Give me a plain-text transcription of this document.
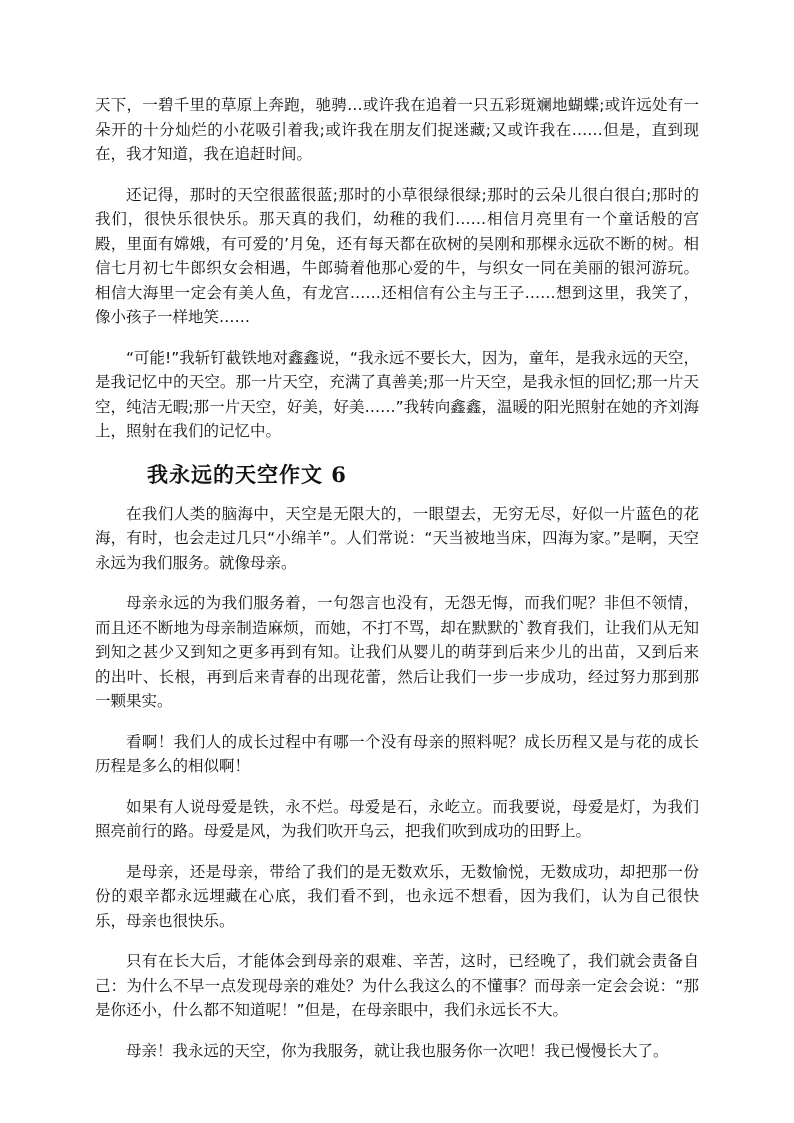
天下，一碧千里的草原上奔跑，驰骋…或许我在追着一只五彩斑斓地蝴蝶;或许远处有一朵开的十分灿烂的小花吸引着我;或许我在朋友们捉迷藏;又或许我在……但是，直到现在，我才知道，我在追赶时间。

还记得，那时的天空很蓝很蓝;那时的小草很绿很绿;那时的云朵儿很白很白;那时的我们，很快乐很快乐。那天真的我们，幼稚的我们……相信月亮里有一个童话般的宫殿，里面有嫦娥，有可爱的’月兔，还有每天都在砍树的吴刚和那棵永远砍不断的树。相信七月初七牛郎织女会相遇，牛郎骑着他那心爱的牛，与织女一同在美丽的银河游玩。相信大海里一定会有美人鱼，有龙宫……还相信有公主与王子……想到这里，我笑了，像小孩子一样地笑……

“可能!”我斩钉截铁地对鑫鑫说，“我永远不要长大，因为，童年，是我永远的天空，是我记忆中的天空。那一片天空，充满了真善美;那一片天空，是我永恒的回忆;那一片天空，纯洁无暇;那一片天空，好美，好美……”我转向鑫鑫，温暖的阳光照射在她的齐刘海上，照射在我们的记忆中。

我永远的天空作文 6

在我们人类的脑海中，天空是无限大的，一眼望去，无穷无尽，好似一片蓝色的花海，有时，也会走过几只“小绵羊”。人们常说：“天当被地当床，四海为家。”是啊，天空永远为我们服务。就像母亲。

母亲永远的为我们服务着，一句怨言也没有，无怨无悔，而我们呢？非但不领情，而且还不断地为母亲制造麻烦，而她，不打不骂，却在默默的`教育我们，让我们从无知到知之甚少又到知之更多再到有知。让我们从婴儿的萌芽到后来少儿的出苗，又到后来的出叶、长根，再到后来青春的出现花蕾，然后让我们一步一步成功，经过努力那到那一颗果实。

看啊！我们人的成长过程中有哪一个没有母亲的照料呢？成长历程又是与花的成长历程是多么的相似啊！

如果有人说母爱是铁，永不烂。母爱是石，永屹立。而我要说，母爱是灯，为我们照亮前行的路。母爱是风，为我们吹开乌云，把我们吹到成功的田野上。

是母亲，还是母亲，带给了我们的是无数欢乐，无数愉悦，无数成功，却把那一份份的艰辛都永远埋藏在心底，我们看不到，也永远不想看，因为我们，认为自己很快乐，母亲也很快乐。

只有在长大后，才能体会到母亲的艰难、辛苦，这时，已经晚了，我们就会责备自己：为什么不早一点发现母亲的难处？为什么我这么的不懂事？而母亲一定会会说：“那是你还小，什么都不知道呢！”但是，在母亲眼中，我们永远长不大。

母亲！我永远的天空，你为我服务，就让我也服务你一次吧！我已慢慢长大了。
